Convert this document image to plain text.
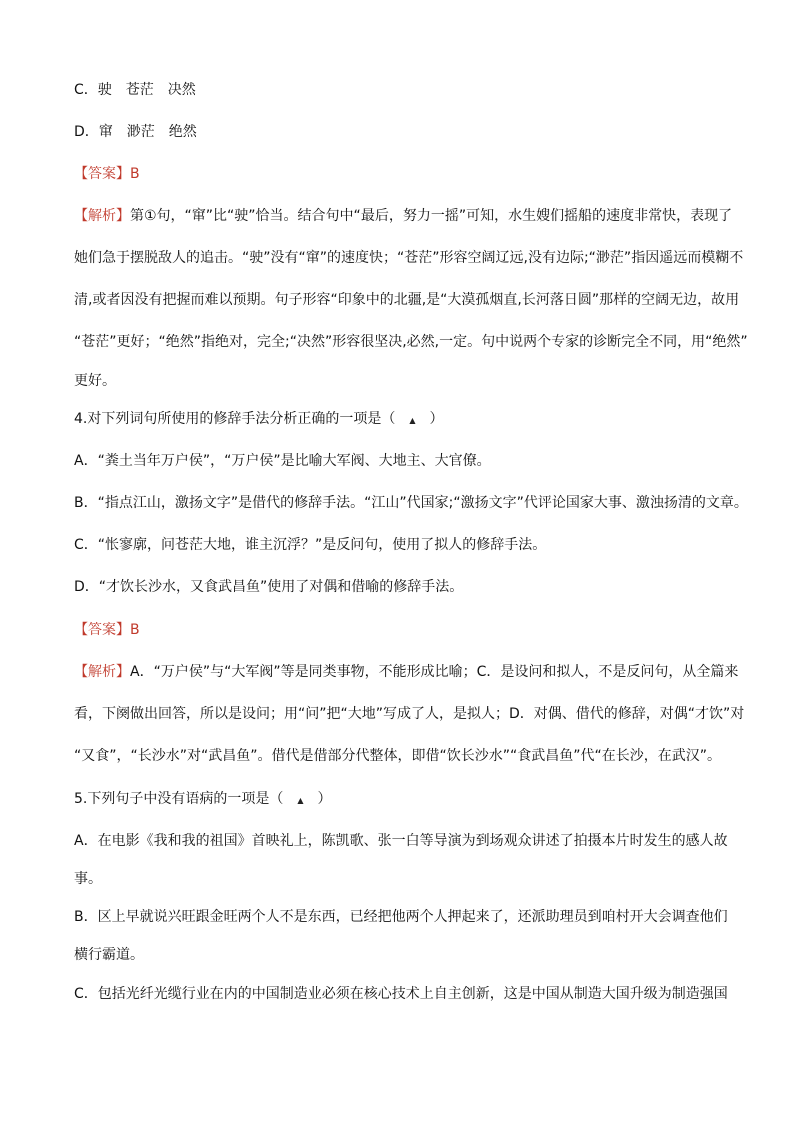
C．驶　苍茫　决然
D．窜　渺茫　绝然
【答案】B
【解析】第①句，“窜”比“驶”恰当。结合句中“最后，努力一摇”可知，水生嫂们摇船的速度非常快，表现了
她们急于摆脱敌人的追击。“驶”没有“窜”的速度快；“苍茫”形容空阔辽远,没有边际;“渺茫”指因遥远而模糊不
清,或者因没有把握而难以预期。句子形容“印象中的北疆,是“大漠孤烟直,长河落日圆”那样的空阔无边，故用
“苍茫”更好；“绝然”指绝对，完全;“决然”形容很坚决,必然,一定。句中说两个专家的诊断完全不同，用“绝然”
更好。
4.对下列词句所使用的修辞手法分析正确的一项是（　▲　）
A．“粪土当年万户侯”，“万户侯”是比喻大军阀、大地主、大官僚。
B．“指点江山，激扬文字”是借代的修辞手法。“江山”代国家;“激扬文字”代评论国家大事、激浊扬清的文章。
C．“怅寥廓，问苍茫大地，谁主沉浮？”是反问句，使用了拟人的修辞手法。
D．“才饮长沙水，又食武昌鱼”使用了对偶和借喻的修辞手法。
【答案】B
【解析】A．“万户侯”与“大军阀”等是同类事物，不能形成比喻；C．是设问和拟人，不是反问句，从全篇来
看，下阕做出回答，所以是设问；用“问”把“大地”写成了人，是拟人；D．对偶、借代的修辞，对偶“才饮”对
“又食”，“长沙水”对“武昌鱼”。借代是借部分代整体，即借“饮长沙水”“食武昌鱼”代“在长沙，在武汉”。
5.下列句子中没有语病的一项是（　▲　）
A．在电影《我和我的祖国》首映礼上，陈凯歌、张一白等导演为到场观众讲述了拍摄本片时发生的感人故
事。
B．区上早就说兴旺跟金旺两个人不是东西，已经把他两个人押起来了，还派助理员到咱村开大会调查他们
横行霸道。
C．包括光纤光缆行业在内的中国制造业必须在核心技术上自主创新，这是中国从制造大国升级为制造强国
